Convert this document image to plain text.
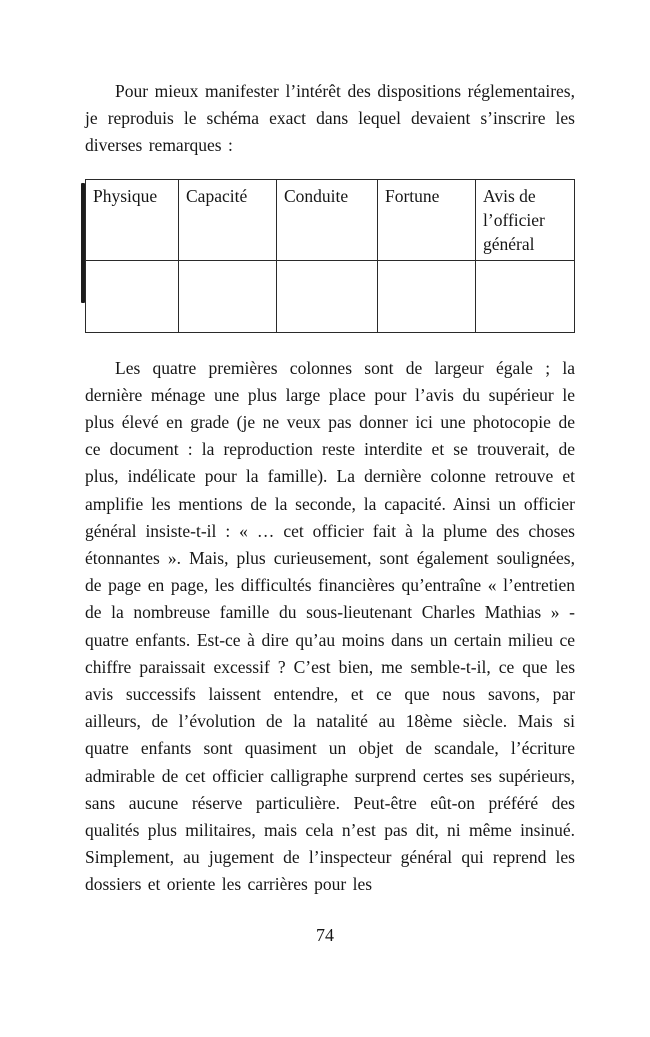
Pour mieux manifester l’intérêt des dispositions réglementaires, je reproduis le schéma exact dans lequel devaient s’inscrire les diverses remarques :

Physique	Capacité	Conduite	Fortune	Avis de l’officier général

Les quatre premières colonnes sont de largeur égale ; la dernière ménage une plus large place pour l’avis du supérieur le plus élevé en grade (je ne veux pas donner ici une photocopie de ce document : la reproduction reste interdite et se trouverait, de plus, indélicate pour la famille). La dernière colonne retrouve et amplifie les mentions de la seconde, la capacité. Ainsi un officier général insiste-t-il : « … cet officier fait à la plume des choses étonnantes ». Mais, plus curieusement, sont également soulignées, de page en page, les difficultés financières qu’entraîne « l’entretien de la nombreuse famille du sous-lieutenant Charles Mathias » - quatre enfants. Est-ce à dire qu’au moins dans un certain milieu ce chiffre paraissait excessif ? C’est bien, me semble-t-il, ce que les avis successifs laissent entendre, et ce que nous savons, par ailleurs, de l’évolution de la natalité au 18ème siècle. Mais si quatre enfants sont quasiment un objet de scandale, l’écriture admirable de cet officier calligraphe surprend certes ses supérieurs, sans aucune réserve particulière. Peut-être eût-on préféré des qualités plus militaires, mais cela n’est pas dit, ni même insinué. Simplement, au jugement de l’inspecteur général qui reprend les dossiers et oriente les carrières pour les

74
